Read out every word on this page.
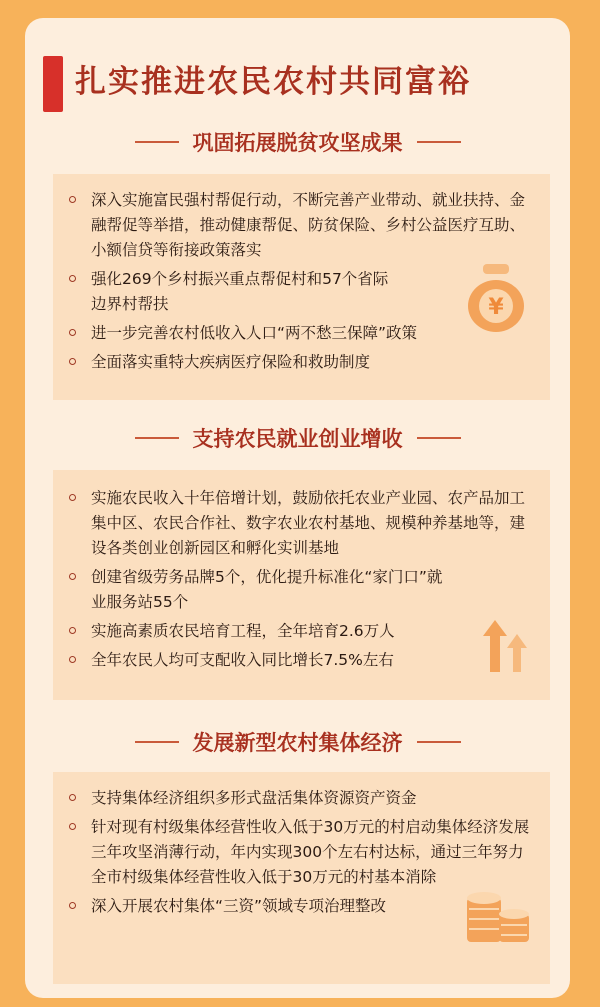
扎实推进农民农村共同富裕
巩固拓展脱贫攻坚成果
深入实施富民强村帮促行动，不断完善产业带动、就业扶持、金融帮促等举措，推动健康帮促、防贫保险、乡村公益医疗互助、小额信贷等衔接政策落实
强化269个乡村振兴重点帮促村和57个省际边界村帮扶
进一步完善农村低收入人口“两不愁三保障”政策
全面落实重特大疾病医疗保险和救助制度
¥
支持农民就业创业增收
实施农民收入十年倍增计划，鼓励依托农业产业园、农产品加工集中区、农民合作社、数字农业农村基地、规模种养基地等，建设各类创业创新园区和孵化实训基地
创建省级劳务品牌5个，优化提升标准化“家门口”就业服务站55个
实施高素质农民培育工程，全年培育2.6万人
全年农民人均可支配收入同比增长7.5%左右
发展新型农村集体经济
支持集体经济组织多形式盘活集体资源资产资金
针对现有村级集体经营性收入低于30万元的村启动集体经济发展三年攻坚消薄行动，年内实现300个左右村达标，通过三年努力全市村级集体经营性收入低于30万元的村基本消除
深入开展农村集体“三资”领域专项治理整改
